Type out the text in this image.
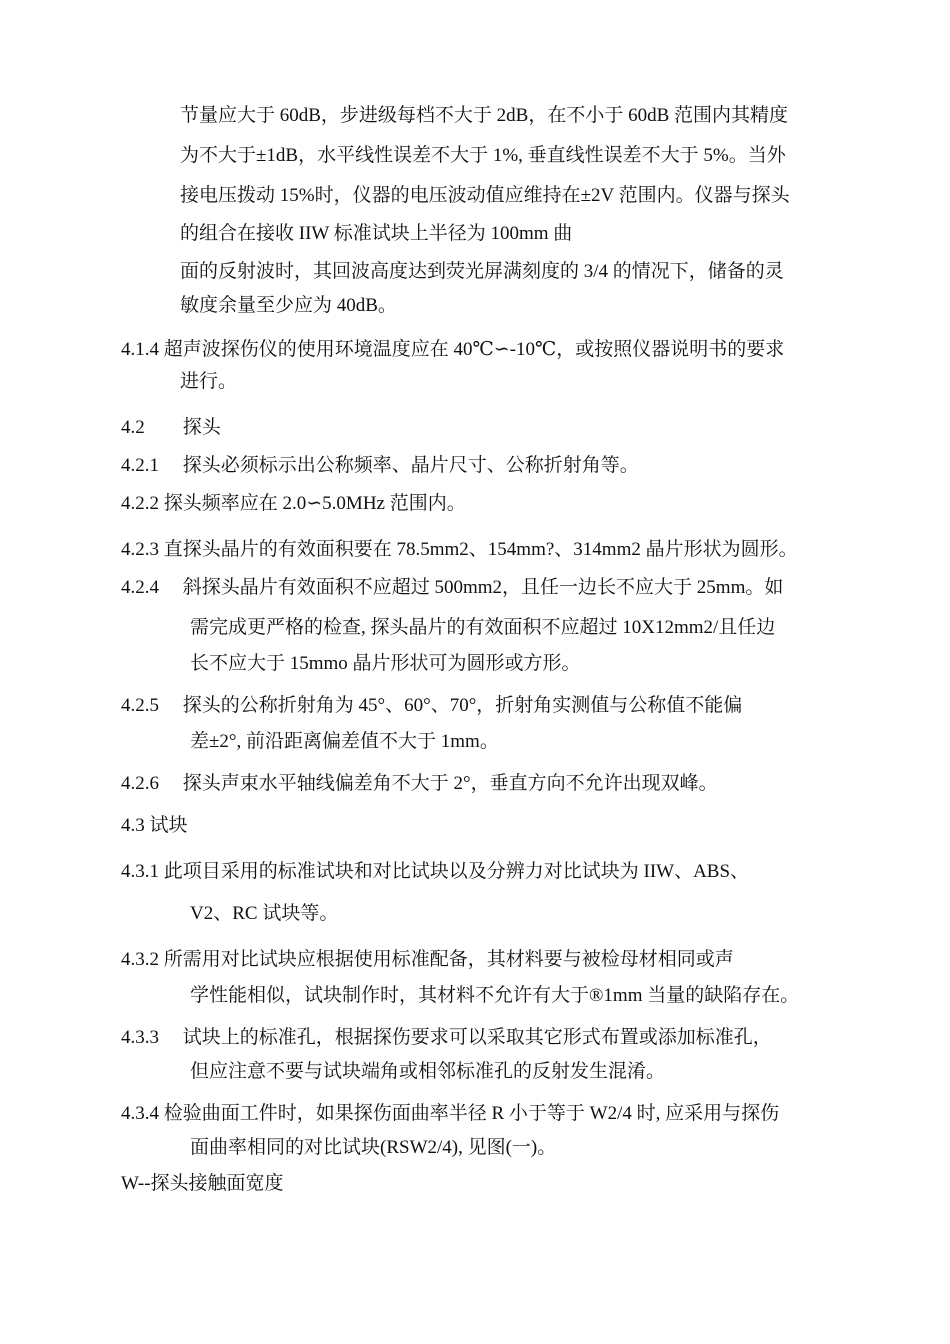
节量应大于 60dB，步进级每档不大于 2dB，在不小于 60dB 范围内其精度
为不大于±1dB，水平线性误差不大于 1%, 垂直线性误差不大于 5%。当外
接电压拨动 15%时，仪器的电压波动值应维持在±2V 范围内。仪器与探头
的组合在接收 IIW 标准试块上半径为 100mm 曲
面的反射波时，其回波高度达到荧光屏满刻度的 3/4 的情况下，储备的灵
敏度余量至少应为 40dB。
4.1.4 超声波探伤仪的使用环境温度应在 40℃∽-10℃，或按照仪器说明书的要求
进行。
4.2　　探头
4.2.1　 探头必须标示出公称频率、晶片尺寸、公称折射角等。
4.2.2 探头频率应在 2.0∽5.0MHz 范围内。
4.2.3 直探头晶片的有效面积要在 78.5mm2、154mm?、314mm2 晶片形状为圆形。
4.2.4　 斜探头晶片有效面积不应超过 500mm2，且任一边长不应大于 25mm。如
需完成更严格的检查, 探头晶片的有效面积不应超过 10X12mm2/且任边
长不应大于 15mmo 晶片形状可为圆形或方形。
4.2.5　 探头的公称折射角为 45°、60°、70°，折射角实测值与公称值不能偏
差±2°, 前沿距离偏差值不大于 1mm。
4.2.6　 探头声束水平轴线偏差角不大于 2°，垂直方向不允许出现双峰。
4.3 试块
4.3.1 此项目采用的标准试块和对比试块以及分辨力对比试块为 IIW、ABS、
V2、RC 试块等。
4.3.2 所需用对比试块应根据使用标准配备，其材料要与被检母材相同或声
学性能相似，试块制作时，其材料不允许有大于®1mm 当量的缺陷存在。
4.3.3　 试块上的标准孔，根据探伤要求可以采取其它形式布置或添加标准孔，
但应注意不要与试块端角或相邻标准孔的反射发生混淆。
4.3.4 检验曲面工件时，如果探伤面曲率半径 R 小于等于 W2/4 时, 应采用与探伤
面曲率相同的对比试块(RSW2/4), 见图(一)。
W--探头接触面宽度
